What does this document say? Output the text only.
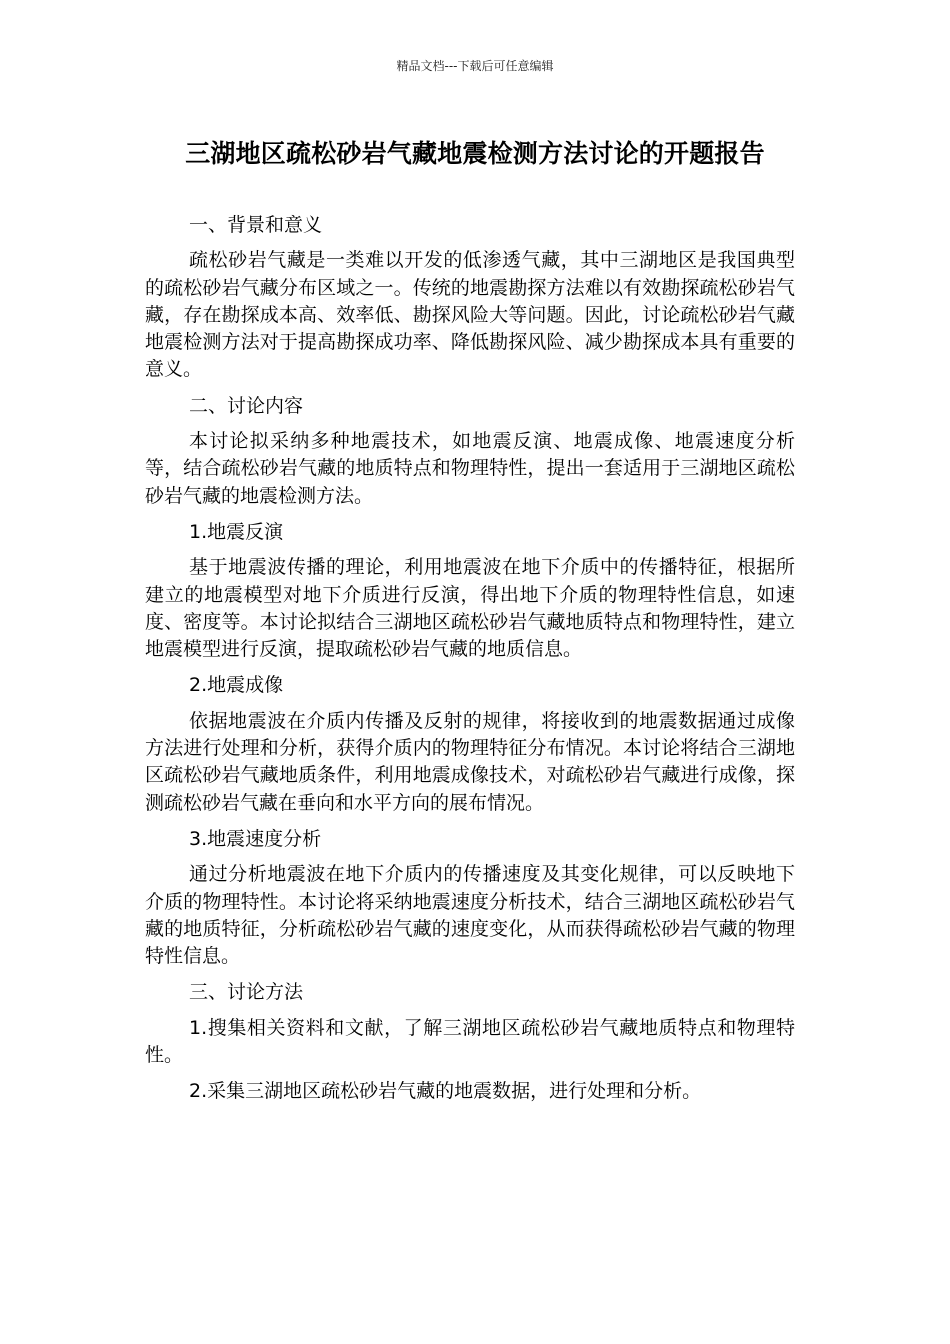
精品文档---下载后可任意编辑
三湖地区疏松砂岩气藏地震检测方法讨论的开题报告

一、背景和意义

疏松砂岩气藏是一类难以开发的低渗透气藏，其中三湖地区是我国典型的疏松砂岩气藏分布区域之一。传统的地震勘探方法难以有效勘探疏松砂岩气藏，存在勘探成本高、效率低、勘探风险大等问题。因此，讨论疏松砂岩气藏地震检测方法对于提高勘探成功率、降低勘探风险、减少勘探成本具有重要的意义。

二、讨论内容

本讨论拟采纳多种地震技术，如地震反演、地震成像、地震速度分析等，结合疏松砂岩气藏的地质特点和物理特性，提出一套适用于三湖地区疏松砂岩气藏的地震检测方法。

1.地震反演

基于地震波传播的理论，利用地震波在地下介质中的传播特征，根据所建立的地震模型对地下介质进行反演，得出地下介质的物理特性信息，如速度、密度等。本讨论拟结合三湖地区疏松砂岩气藏地质特点和物理特性，建立地震模型进行反演，提取疏松砂岩气藏的地质信息。

2.地震成像

依据地震波在介质内传播及反射的规律，将接收到的地震数据通过成像方法进行处理和分析，获得介质内的物理特征分布情况。本讨论将结合三湖地区疏松砂岩气藏地质条件，利用地震成像技术，对疏松砂岩气藏进行成像，探测疏松砂岩气藏在垂向和水平方向的展布情况。

3.地震速度分析

通过分析地震波在地下介质内的传播速度及其变化规律，可以反映地下介质的物理特性。本讨论将采纳地震速度分析技术，结合三湖地区疏松砂岩气藏的地质特征，分析疏松砂岩气藏的速度变化，从而获得疏松砂岩气藏的物理特性信息。

三、讨论方法

1.搜集相关资料和文献，了解三湖地区疏松砂岩气藏地质特点和物理特性。

2.采集三湖地区疏松砂岩气藏的地震数据，进行处理和分析。
